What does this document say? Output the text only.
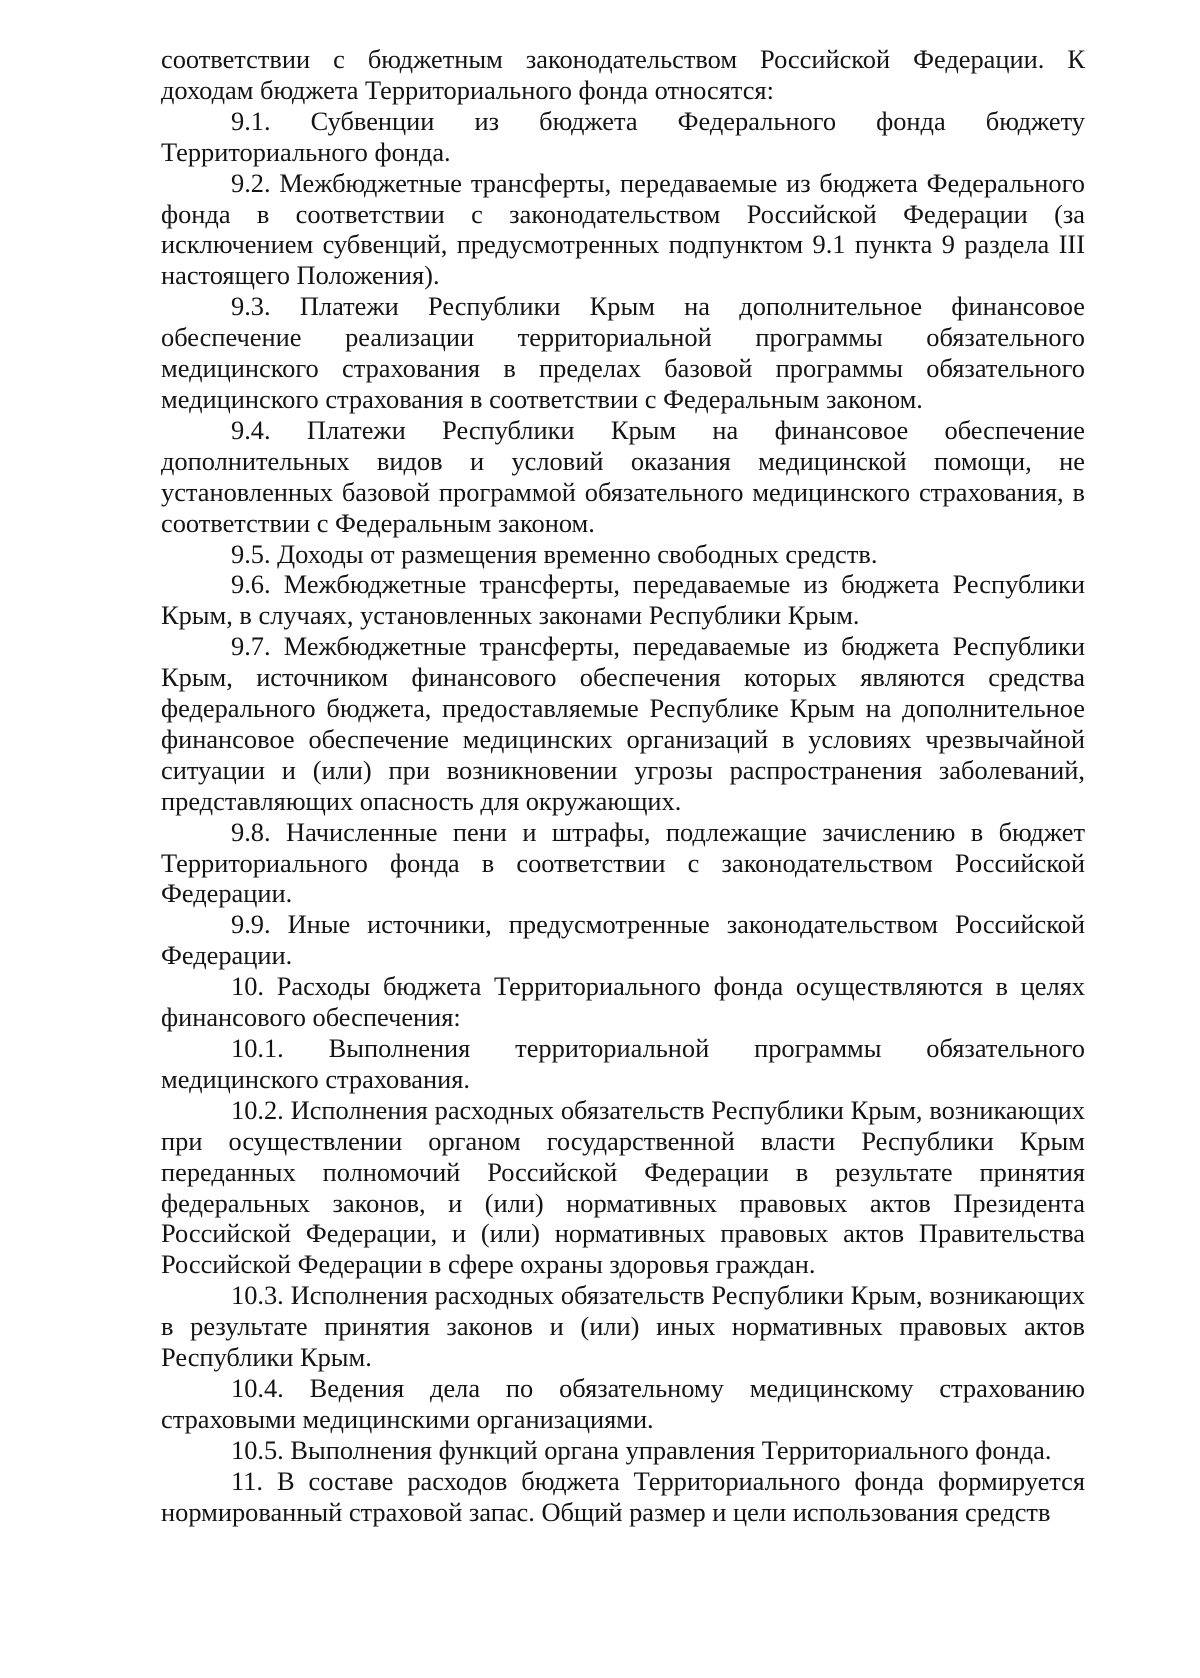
соответствии с бюджетным законодательством Российской Федерации. К доходам бюджета Территориального фонда относятся:

9.1. Субвенции из бюджета Федерального фонда бюджету Территориального фонда.

9.2. Межбюджетные трансферты, передаваемые из бюджета Федерального фонда в соответствии с законодательством Российской Федерации (за исключением субвенций, предусмотренных подпунктом 9.1 пункта 9 раздела III настоящего Положения).

9.3. Платежи Республики Крым на дополнительное финансовое обеспечение реализации территориальной программы обязательного медицинского страхования в пределах базовой программы обязательного медицинского страхования в соответствии с Федеральным законом.

9.4. Платежи Республики Крым на финансовое обеспечение дополнительных видов и условий оказания медицинской помощи, не установленных базовой программой обязательного медицинского страхования, в соответствии с Федеральным законом.

9.5. Доходы от размещения временно свободных средств.

9.6. Межбюджетные трансферты, передаваемые из бюджета Республики Крым, в случаях, установленных законами Республики Крым.

9.7. Межбюджетные трансферты, передаваемые из бюджета Республики Крым, источником финансового обеспечения которых являются средства федерального бюджета, предоставляемые Республике Крым на дополнительное финансовое обеспечение медицинских организаций в условиях чрезвычайной ситуации и (или) при возникновении угрозы распространения заболеваний, представляющих опасность для окружающих.

9.8. Начисленные пени и штрафы, подлежащие зачислению в бюджет Территориального фонда в соответствии с законодательством Российской Федерации.

9.9. Иные источники, предусмотренные законодательством Российской Федерации.

10. Расходы бюджета Территориального фонда осуществляются в целях финансового обеспечения:

10.1. Выполнения территориальной программы обязательного медицинского страхования.

10.2. Исполнения расходных обязательств Республики Крым, возникающих при осуществлении органом государственной власти Республики Крым переданных полномочий Российской Федерации в результате принятия федеральных законов, и (или) нормативных правовых актов Президента Российской Федерации, и (или) нормативных правовых актов Правительства Российской Федерации в сфере охраны здоровья граждан.

10.3. Исполнения расходных обязательств Республики Крым, возникающих в результате принятия законов и (или) иных нормативных правовых актов Республики Крым.

10.4. Ведения дела по обязательному медицинскому страхованию страховыми медицинскими организациями.

10.5. Выполнения функций органа управления Территориального фонда.

11. В составе расходов бюджета Территориального фонда формируется нормированный страховой запас. Общий размер и цели использования средств
